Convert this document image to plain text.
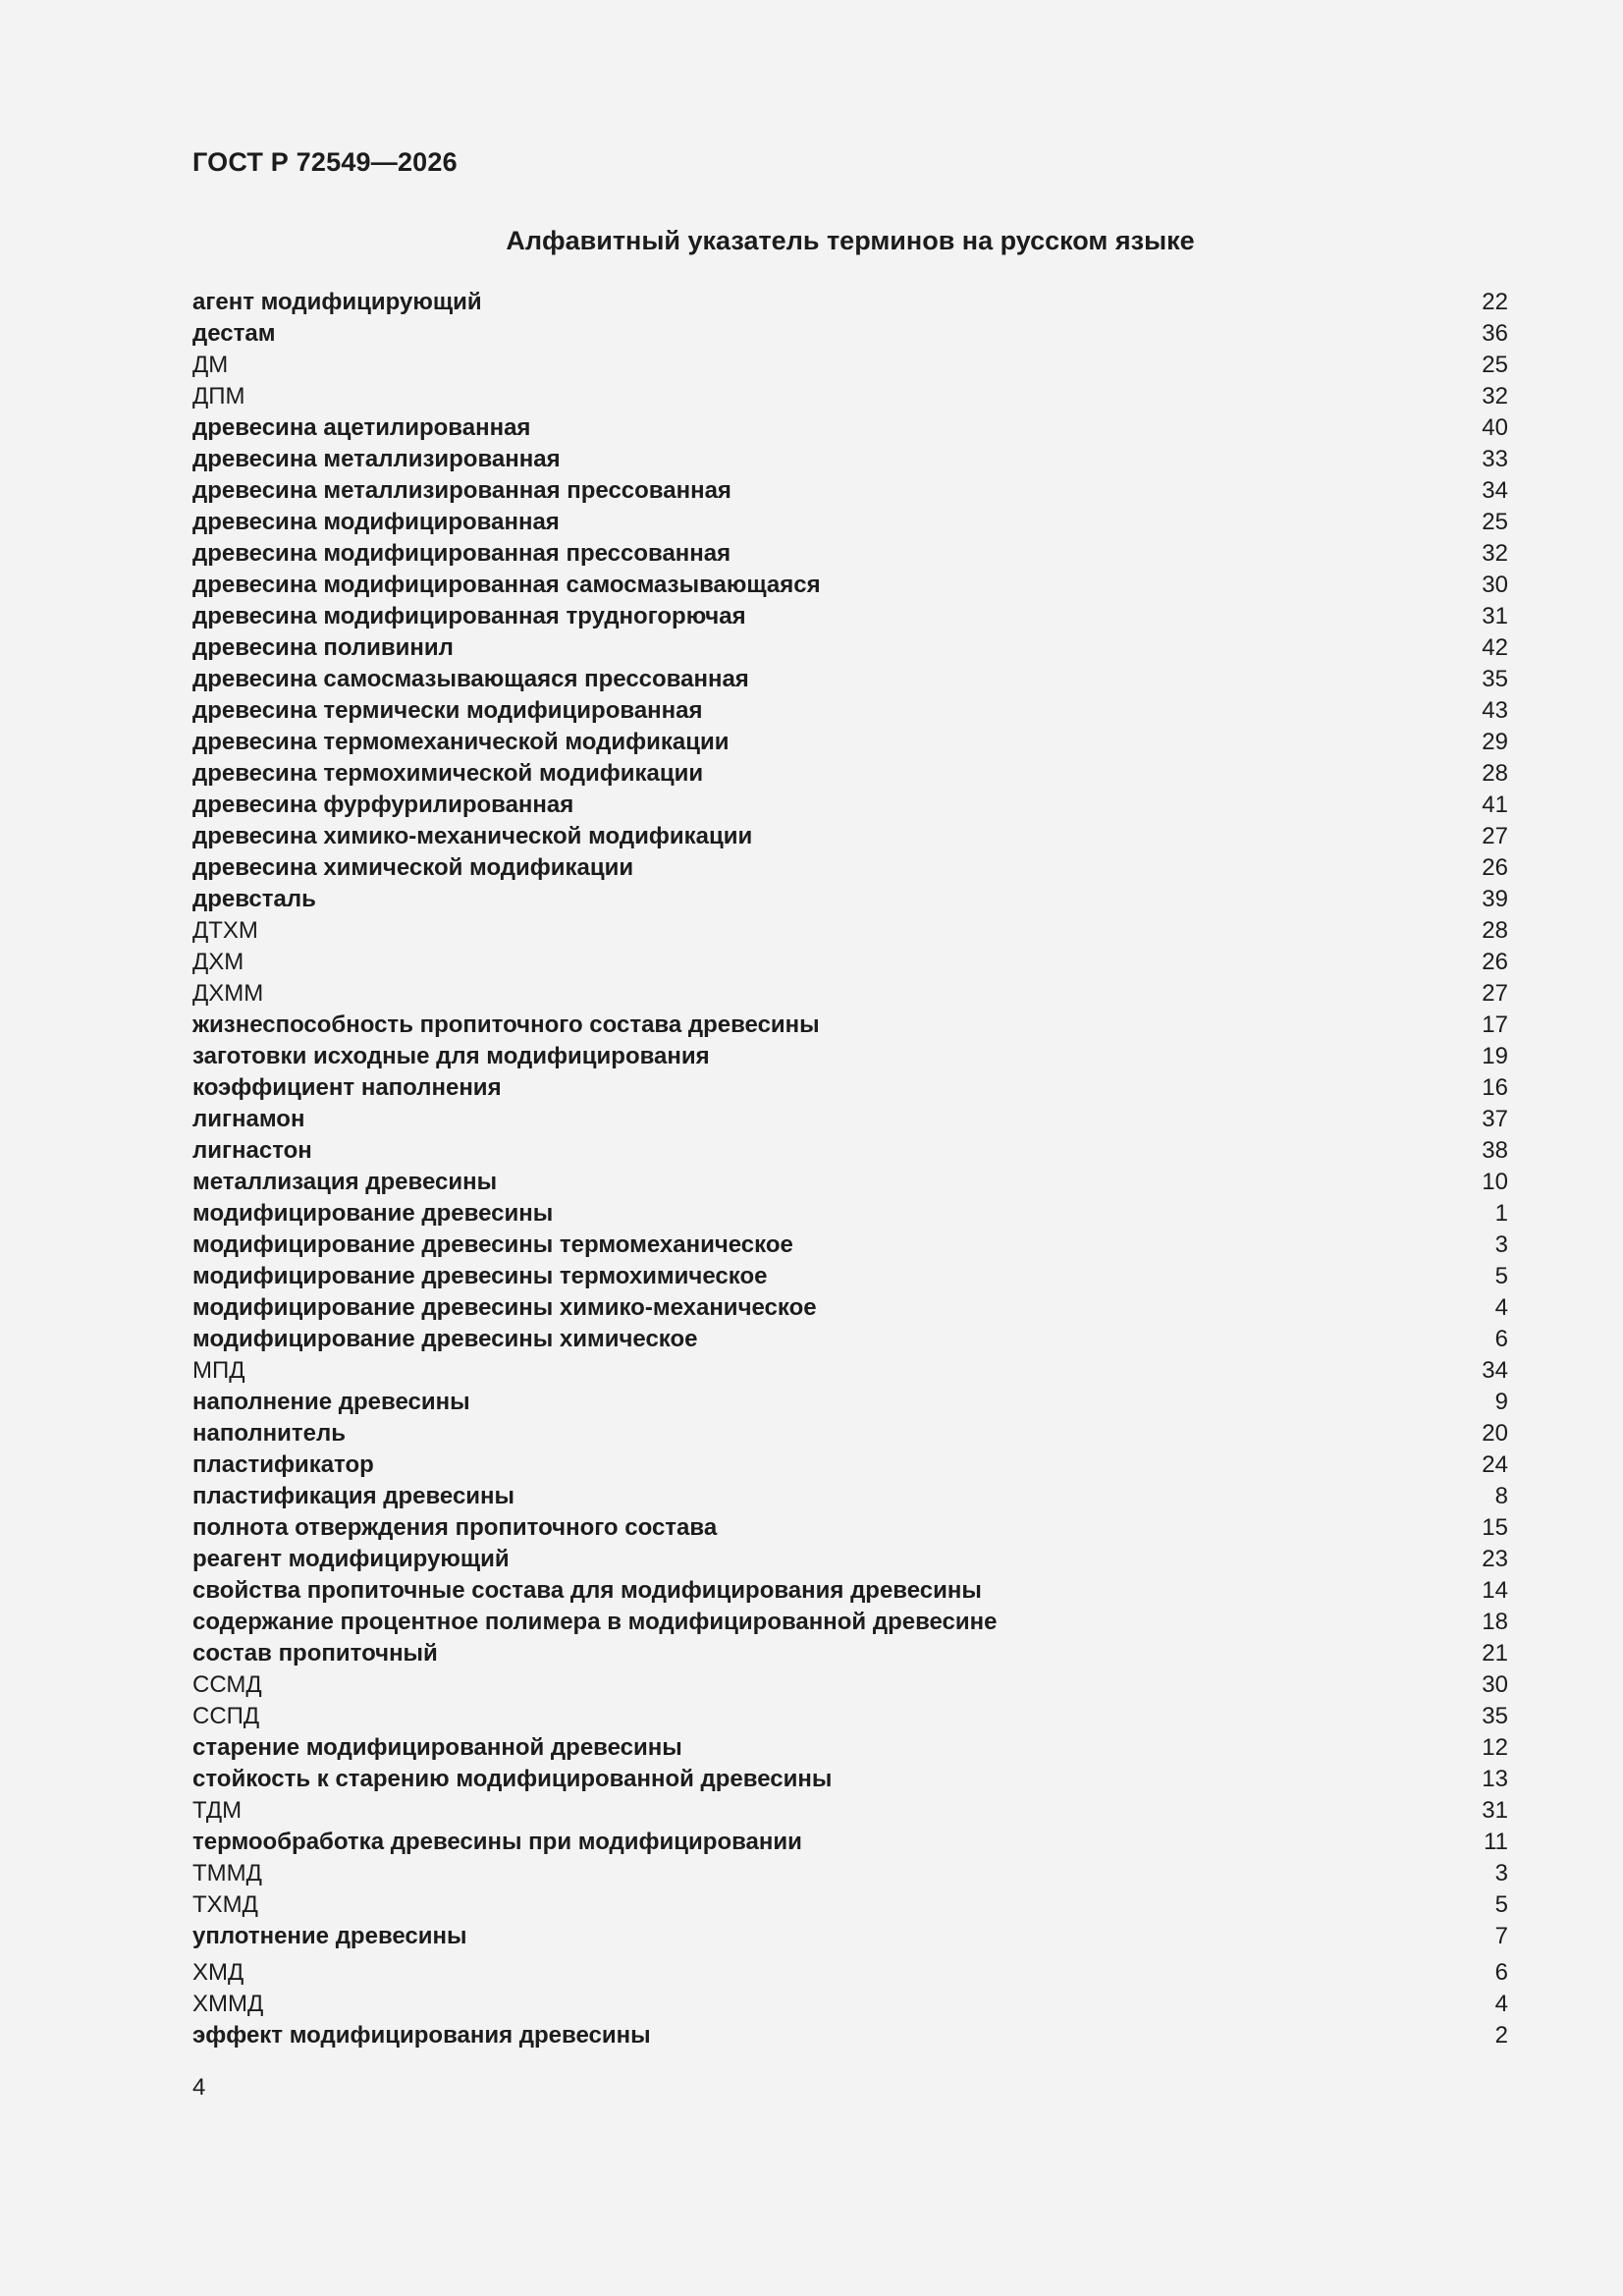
ГОСТ Р 72549—2026
Алфавитный указатель терминов на русском языке
агент модифицирующий	22
дестам	36
ДМ	25
ДПМ	32
древесина ацетилированная	40
древесина металлизированная	33
древесина металлизированная прессованная	34
древесина модифицированная	25
древесина модифицированная прессованная	32
древесина модифицированная самосмазывающаяся	30
древесина модифицированная трудногорючая	31
древесина поливинил	42
древесина самосмазывающаяся прессованная	35
древесина термически модифицированная	43
древесина термомеханической модификации	29
древесина термохимической модификации	28
древесина фурфурилированная	41
древесина химико-механической модификации	27
древесина химической модификации	26
древсталь	39
ДТХМ	28
ДХМ	26
ДХММ	27
жизнеспособность пропиточного состава древесины	17
заготовки исходные для модифицирования	19
коэффициент наполнения	16
лигнамон	37
лигнастон	38
металлизация древесины	10
модифицирование древесины	1
модифицирование древесины термомеханическое	3
модифицирование древесины термохимическое	5
модифицирование древесины химико-механическое	4
модифицирование древесины химическое	6
МПД	34
наполнение древесины	9
наполнитель	20
пластификатор	24
пластификация древесины	8
полнота отверждения пропиточного состава	15
реагент модифицирующий	23
свойства пропиточные состава для модифицирования древесины	14
содержание процентное полимера в модифицированной древесине	18
состав пропиточный	21
ССМД	30
ССПД	35
старение модифицированной древесины	12
стойкость к старению модифицированной древесины	13
ТДМ	31
термообработка древесины при модифицировании	11
ТММД	3
ТХМД	5
уплотнение древесины	7
ХМД	6
ХММД	4
эффект модифицирования древесины	2
4
